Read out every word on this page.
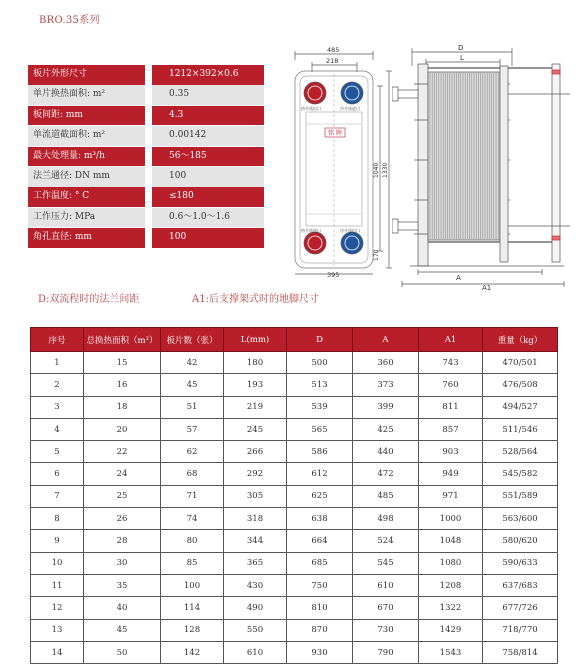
BRO.35系列
板片外形尺寸	1212×392×0.6
单片换热面积: m²	0.35
板间距: mm	4.3
单流道截面积: m²	0.00142
最大处理量: m³/h	56～185
法兰通径: DN mm	100
工作温度: ° C	≤180
工作压力: MPa	0.6～1.0～1.6
角孔直径: mm	100
485
218
395
1040 1330
170
热介质出口	冷介质进口
热介质进口	冷介质出口
铭 牌
D
L
A
A1
D:双流程时的法兰间距	A1:后支撑架式时的地脚尺寸
序号	总换热面积（m²）	板片数（张）	L(mm)	D	A	A1	重量（kg）
1	15	42	180	500	360	743	470/501
2	16	45	193	513	373	760	476/508
3	18	51	219	539	399	811	494/527
4	20	57	245	565	425	857	511/546
5	22	62	266	586	440	903	528/564
6	24	68	292	612	472	949	545/582
7	25	71	305	625	485	971	551/589
8	26	74	318	638	498	1000	563/600
9	28	80	344	664	524	1048	580/620
10	30	85	365	685	545	1080	590/633
11	35	100	430	750	610	1208	637/683
12	40	114	490	810	670	1322	677/726
13	45	128	550	870	730	1429	718/770
14	50	142	610	930	790	1543	758/814
